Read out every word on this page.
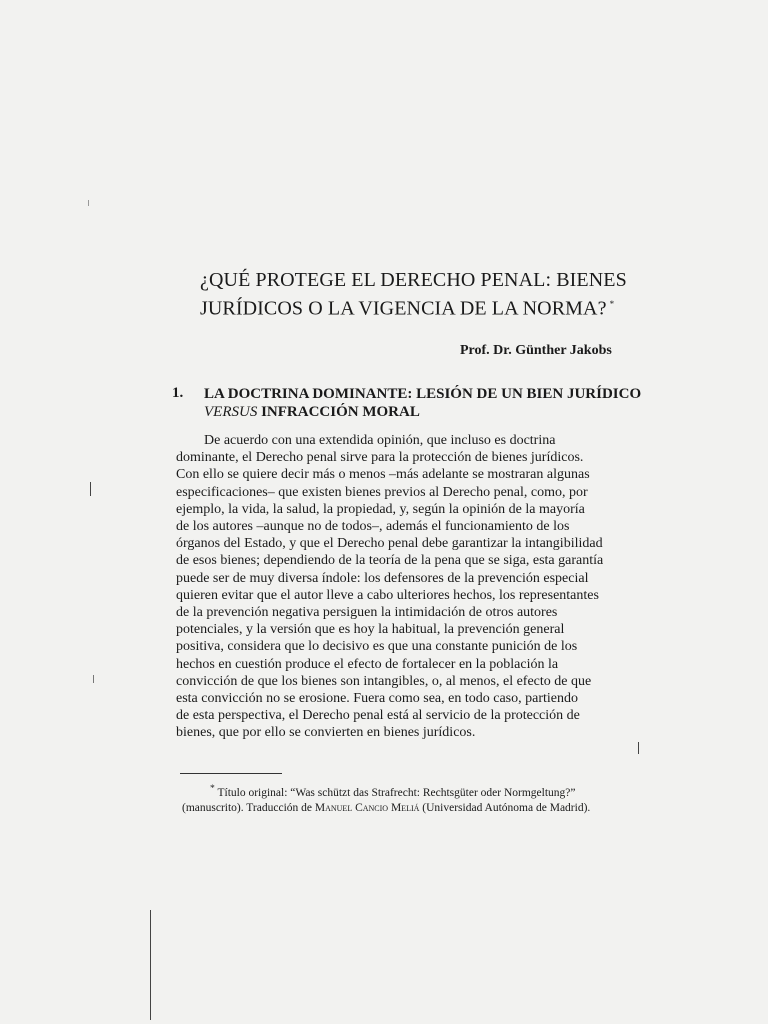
¿QUÉ PROTEGE EL DERECHO PENAL: BIENES
JURÍDICOS O LA VIGENCIA DE LA NORMA? *
Prof. Dr. Günther Jakobs
1. LA DOCTRINA DOMINANTE: LESIÓN DE UN BIEN JURÍDICO
VERSUS INFRACCIÓN MORAL
De acuerdo con una extendida opinión, que incluso es doctrina
dominante, el Derecho penal sirve para la protección de bienes jurídicos.
Con ello se quiere decir más o menos –más adelante se mostraran algunas
especificaciones– que existen bienes previos al Derecho penal, como, por
ejemplo, la vida, la salud, la propiedad, y, según la opinión de la mayoría
de los autores –aunque no de todos–, además el funcionamiento de los
órganos del Estado, y que el Derecho penal debe garantizar la intangibilidad
de esos bienes; dependiendo de la teoría de la pena que se siga, esta garantía
puede ser de muy diversa índole: los defensores de la prevención especial
quieren evitar que el autor lleve a cabo ulteriores hechos, los representantes
de la prevención negativa persiguen la intimidación de otros autores
potenciales, y la versión que es hoy la habitual, la prevención general
positiva, considera que lo decisivo es que una constante punición de los
hechos en cuestión produce el efecto de fortalecer en la población la
convicción de que los bienes son intangibles, o, al menos, el efecto de que
esta convicción no se erosione. Fuera como sea, en todo caso, partiendo
de esta perspectiva, el Derecho penal está al servicio de la protección de
bienes, que por ello se convierten en bienes jurídicos.
* Título original: “Was schützt das Strafrecht: Rechtsgüter oder Normgeltung?”
(manuscrito). Traducción de Manuel Cancio Meliá (Universidad Autónoma de Madrid).
